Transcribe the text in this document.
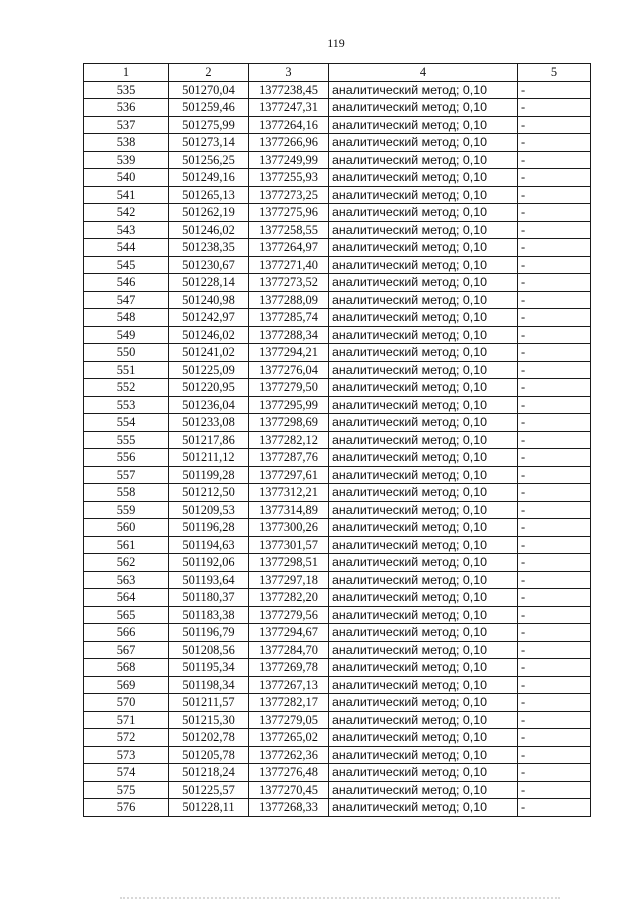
119
1	2	3	4	5
535	501270,04	1377238,45	аналитический метод; 0,10	-
536	501259,46	1377247,31	аналитический метод; 0,10	-
537	501275,99	1377264,16	аналитический метод; 0,10	-
538	501273,14	1377266,96	аналитический метод; 0,10	-
539	501256,25	1377249,99	аналитический метод; 0,10	-
540	501249,16	1377255,93	аналитический метод; 0,10	-
541	501265,13	1377273,25	аналитический метод; 0,10	-
542	501262,19	1377275,96	аналитический метод; 0,10	-
543	501246,02	1377258,55	аналитический метод; 0,10	-
544	501238,35	1377264,97	аналитический метод; 0,10	-
545	501230,67	1377271,40	аналитический метод; 0,10	-
546	501228,14	1377273,52	аналитический метод; 0,10	-
547	501240,98	1377288,09	аналитический метод; 0,10	-
548	501242,97	1377285,74	аналитический метод; 0,10	-
549	501246,02	1377288,34	аналитический метод; 0,10	-
550	501241,02	1377294,21	аналитический метод; 0,10	-
551	501225,09	1377276,04	аналитический метод; 0,10	-
552	501220,95	1377279,50	аналитический метод; 0,10	-
553	501236,04	1377295,99	аналитический метод; 0,10	-
554	501233,08	1377298,69	аналитический метод; 0,10	-
555	501217,86	1377282,12	аналитический метод; 0,10	-
556	501211,12	1377287,76	аналитический метод; 0,10	-
557	501199,28	1377297,61	аналитический метод; 0,10	-
558	501212,50	1377312,21	аналитический метод; 0,10	-
559	501209,53	1377314,89	аналитический метод; 0,10	-
560	501196,28	1377300,26	аналитический метод; 0,10	-
561	501194,63	1377301,57	аналитический метод; 0,10	-
562	501192,06	1377298,51	аналитический метод; 0,10	-
563	501193,64	1377297,18	аналитический метод; 0,10	-
564	501180,37	1377282,20	аналитический метод; 0,10	-
565	501183,38	1377279,56	аналитический метод; 0,10	-
566	501196,79	1377294,67	аналитический метод; 0,10	-
567	501208,56	1377284,70	аналитический метод; 0,10	-
568	501195,34	1377269,78	аналитический метод; 0,10	-
569	501198,34	1377267,13	аналитический метод; 0,10	-
570	501211,57	1377282,17	аналитический метод; 0,10	-
571	501215,30	1377279,05	аналитический метод; 0,10	-
572	501202,78	1377265,02	аналитический метод; 0,10	-
573	501205,78	1377262,36	аналитический метод; 0,10	-
574	501218,24	1377276,48	аналитический метод; 0,10	-
575	501225,57	1377270,45	аналитический метод; 0,10	-
576	501228,11	1377268,33	аналитический метод; 0,10	-
